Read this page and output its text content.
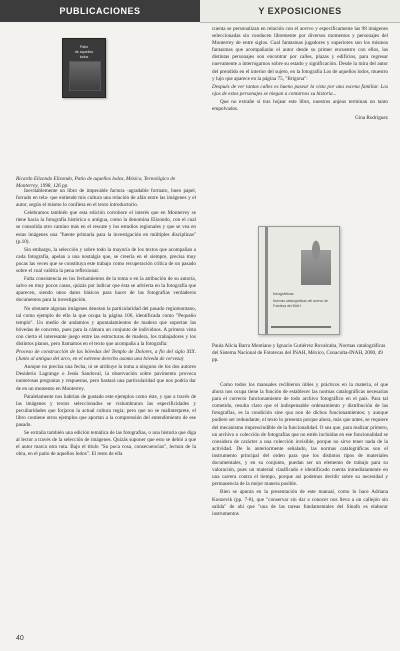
PUBLICACIONES	Y EXPOSICIONES
Patio
de aquellos
lodos
Ricardo Elizondo Elizondo, Patio de aquellos lodos, México, Tecnológico de Monterrey, 1998, 126 pp.

Inevitablemente un libro de impecable factura -agradable formato, buen papel, forrado en tela- que entiende mis cultura una relación de afán entre las imágenes y el autor, según el mismo lo confiesa en el texto introductorio.

Celebramos también que esta edición corrobore el interés que en Monterrey se tiene hacia la fotografía histórica o antigua, como la denomina Elizondo, con el cual se consolida otro camino más en el rescate y los estudios regionales y que se vea en estas imágenes una "fuente primaria para la investigación en múltiples disciplinas" (p.10).

Sin embargo, la selección y sobre todo la mayoría de los textos que acompañan a cada fotografía, apelan a una nostalgia que, se creería en el siempre, precisa muy pocas las veces que se constituya este trabajo como recuperación crítica de un pasado sobre el cual valdría la pena reflexionar.

Falta consistencia en los fechamientos de la toma o en la atribución de su autoría, salvo en muy pocos casos, quizás por indicar que ésta se advierta en la fotografía que aparecen, siendo unos datos básicos para hacer de las fotografías verdaderos documentos para la investigación.

No obstante algunas imágenes denotan la particularidad del pasado regiomontano, tal como ejemplo de ello la que ocupa la página 106, identificada como "Pequeño templo". Un medio de andamios y apuntalamientos de madera que soportan las bóvedas de concreto, pues para la cámara un conjunto de individuos. A primera vista con cierta el interesante juego entre las estructuras de madera, los trabajadores y los distintos planos, pero llamamos en el texto que acompaña a la fotografía:

Proceso de construcción de las bóvedas del Templo de Dolores, a fin del siglo XIX. (Junto al antiguo del arco, en el extremo derecho asoma una bóveda de cerveza)

Aunque no precisa una fecha, ni se atribuye la toma a ninguno de los dos autores Desiderio Lagrange o Jesús Sandoval, la observación sobre pavimento provoca numerosas preguntas y respuestas, pero bastará una particularidad que nos podría dar de en un momento en Monterrey.

Paralelamente nos habrían de gustado este ejemplos como éste, y que a través de las imágenes y textos seleccionados se vislumbraran las especificidades y peculiaridades que forjaron la actual cultura regia; pero que no se malinterprete, el libro contiene otros ejemplos que aportan a la comprensión del entendimiento de ese pasado.

Se extraña también una edición temática de las fotografías, o una historia que diga al lector a través de la selección de imágenes. Quizás suponer que esto se debió a que el autor marca otra ruta. Bajo el título "Su poca cosa, consecuencias", lectura de la obra, en el patio de aquellos lodos". El resto de ella

cuenta se personalizan en relación con el acervo y específicamente las 98 imágenes seleccionadas sin conducen libremente por diversos momentos y personajes del Monterrey de entre siglos. Cual fantasmas jugadores y superiores son los mismos fantasmas que acompañarán el autor desde su primer encuentro con ellos, las distintas personajes son encontrar por calles, plazas y edificios, para regresar nuevamente a interrogarnos sobre su estado y significación. Desde la mira del autor del prendido en el interior del sujeto, en la fotografía Los de aquellos lodos, muestro y lujo que aparece en la página 75, "Brigona":

Después de ver tantas calles es bueno pasear la vista por una escena familiar. Los ojos de estos personajes se niegan a contarnos su historia...

Que no extrañe si tras hojear este libro, nuestros anjeus terminan un tanto empolvados.

Gina Rodríguez
fotográficas
Normas catalográficas del acervo de Fototeca del INAH
Paula Alicia Barra Montiano y Ignacio Gutiérrez Ruvalcaba, Normas catalográficas del Sistema Nacional de Fototecas del INAH, México, Conaculta-INAH, 2000, 49 pp.

Como todos los manuales recibieron útiles y prácticos en la materia, el que ahora nos ocupa tiene la función de establecer las normas catalográficas necesarias para el correcto funcionamiento de todo archivo fotográfico en el país. Para tal cometido, resulta claro que el indispensable ordenamiento y distribución de las fotografías, es la condición sine qua non de dichos funcionamientos; y aunque pudiere ser redundante, el texto lo presenta porque ahora, más que antes, se requiere del mecanismo imprescindible de la funcionalidad. O sea que, para realizar primero, un archivo o colección de fotografías que no estén incluidas en ese funcionalidad se considera de carácter a una colección invisible, porque no sirve tener nada de la actividad. De lo anteriormente señalado, las normas catalográficas son el instrumento principal del orden para que los distintos tipos de materiales documentales, y en su conjunto, puedan ser un elemento de trabajo para su valoración, pues un material clasificado e identificado cuenta inmediatamente en una carrera contra el tiempo, porque así podemos decidir sobre su necesidad y permanencia de la mejor manera posible.

Bien se apunta en la presentación de este manual, como lo hace Adriana Konzevik (pp. 7-8), que "conservar sin dar a conocer nos lleva a un callejón sin salida" de ahí que "una de las tareas fundamentales del Sinafo es elaborar instrumentos

40
